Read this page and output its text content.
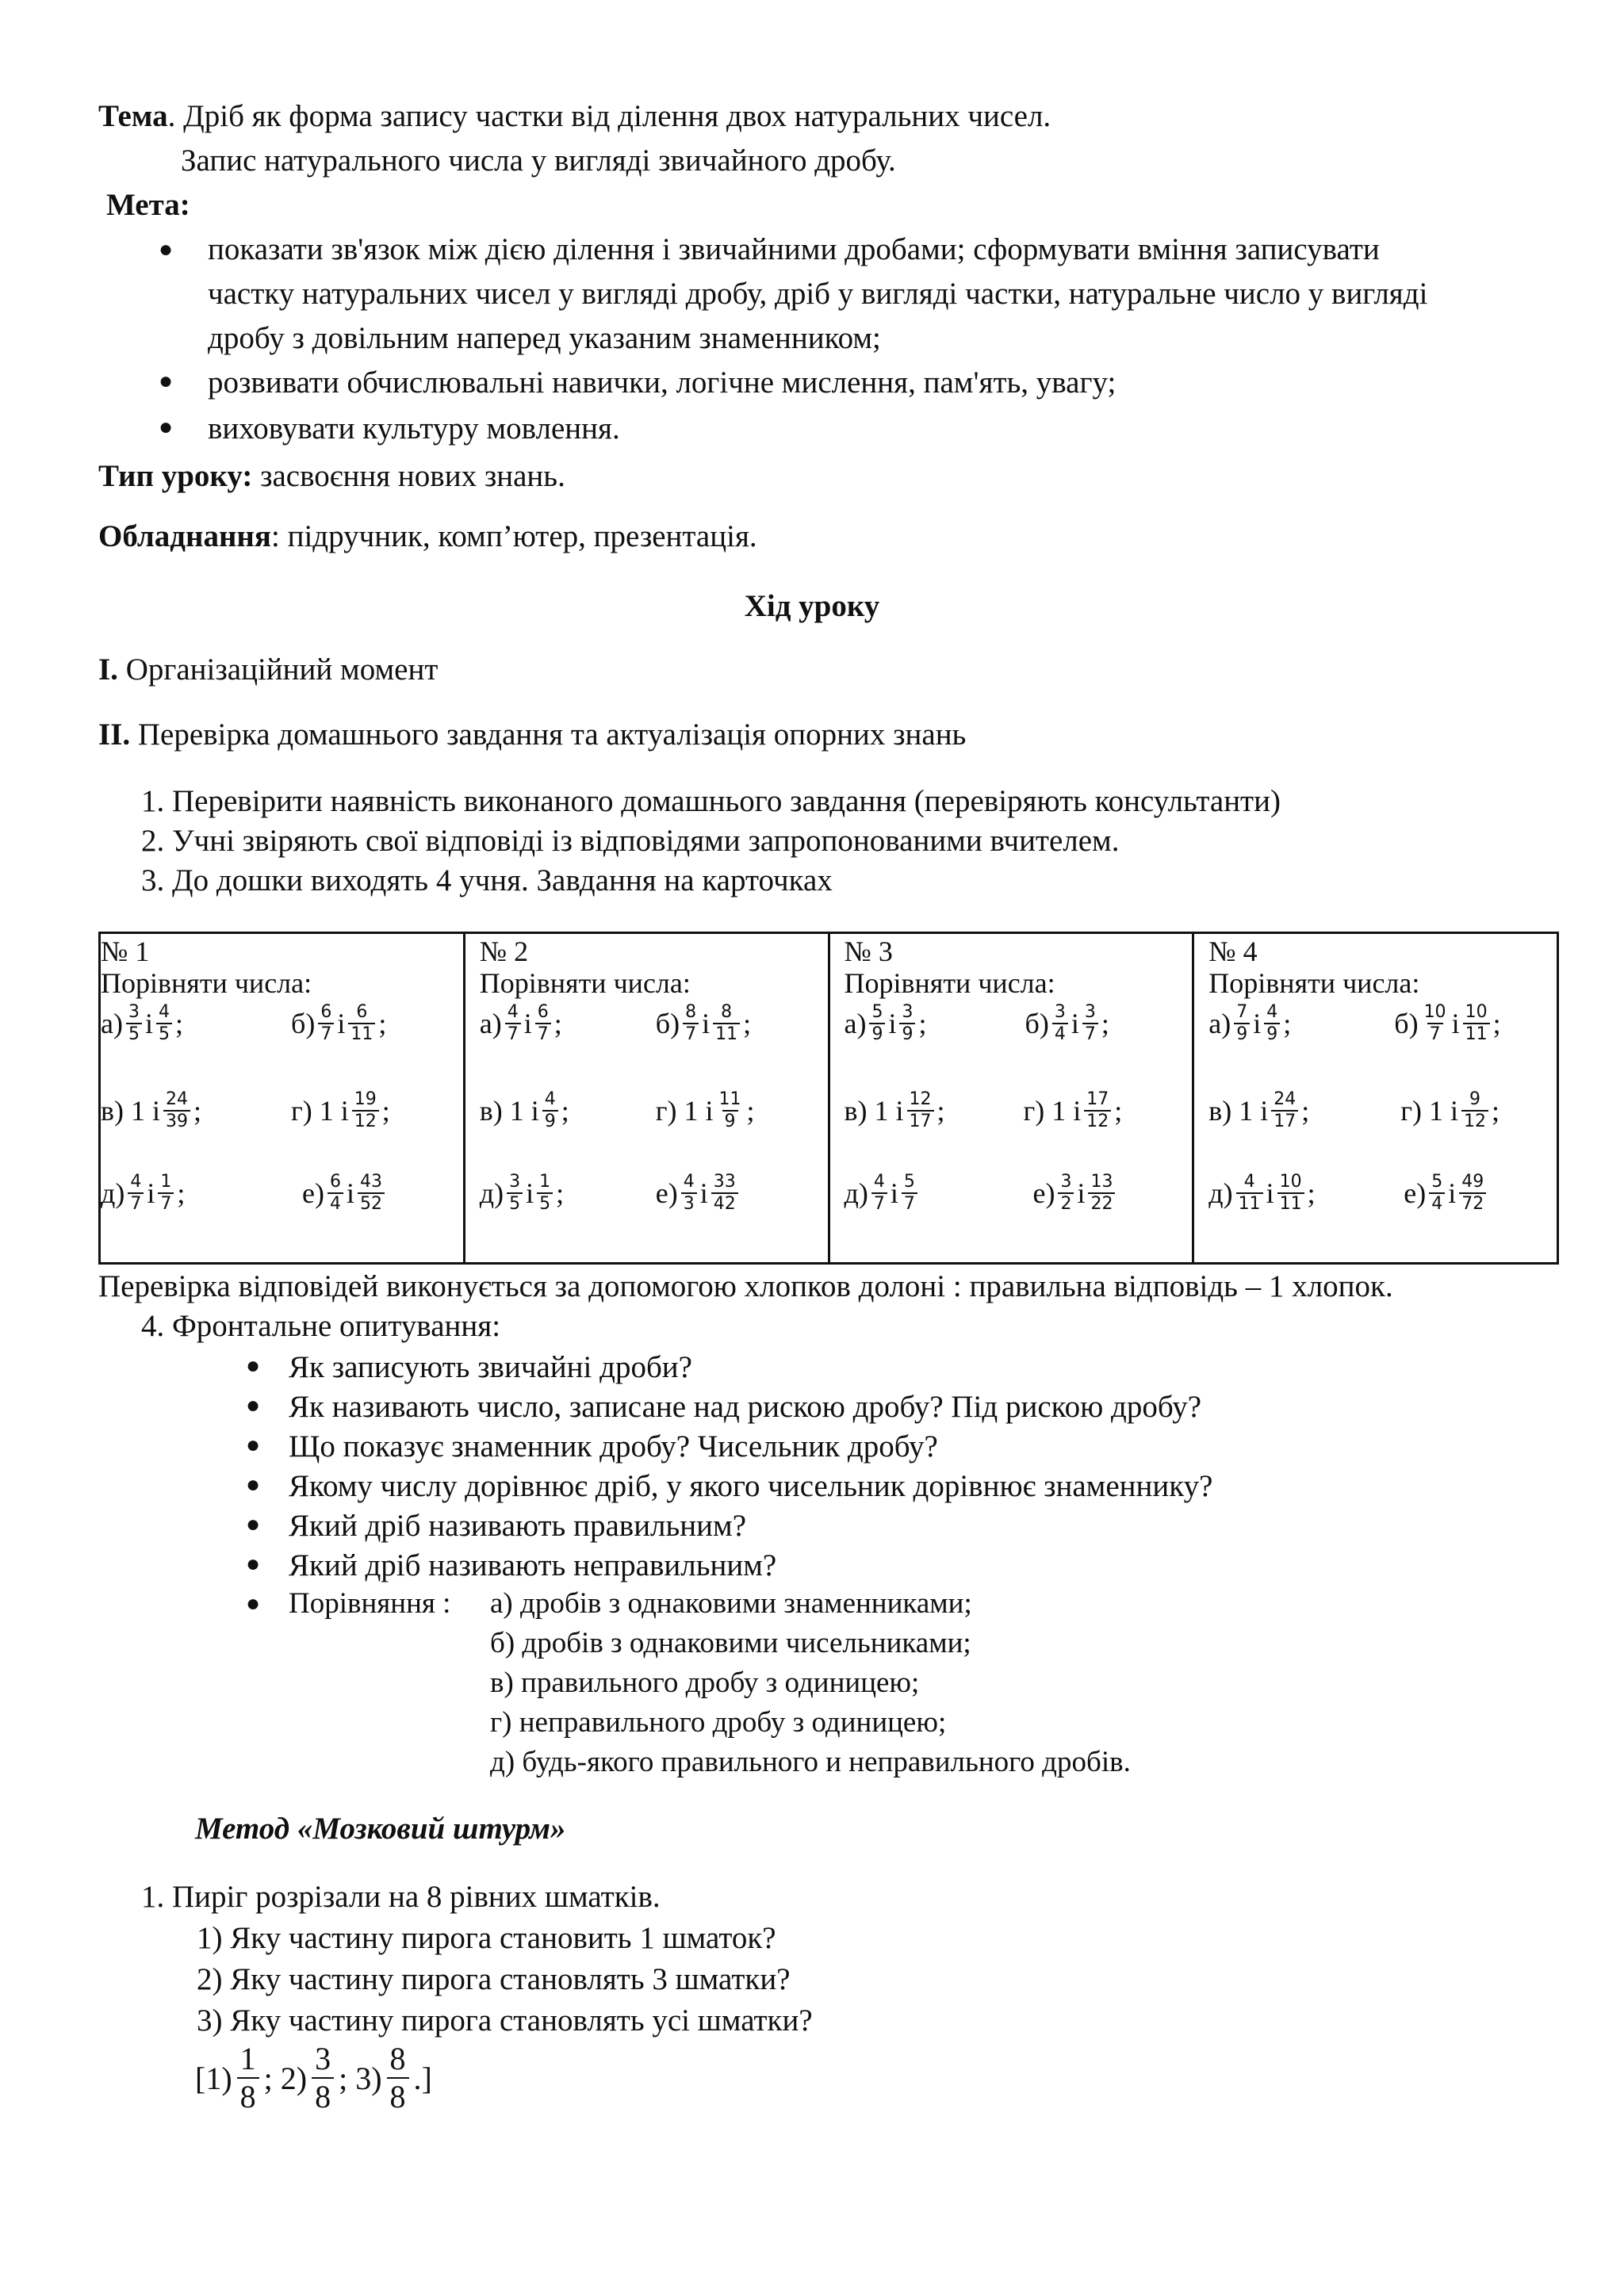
Тема. Дріб як форма запису частки від ділення двох натуральних чисел.
Запис натурального числа у вигляді звичайного дробу.
Мета:
● показати зв'язок між дією ділення і звичайними дробами; сформувати вміння записувати
частку натуральних чисел у вигляді дробу, дріб у вигляді частки, натуральне число у вигляді
дробу з довільним наперед указаним знаменником;
● розвивати обчислювальні навички, логічне мислення, пам'ять, увагу;
● виховувати культуру мовлення.
Тип уроку: засвоєння нових знань.
Обладнання: підручник, комп’ютер, презентація.
Хід уроку
I. Організаційний момент
II. Перевірка домашнього завдання та актуалізація опорних знань
1. Перевірити наявність виконаного домашнього завдання (перевіряють консультанти)
2. Учні звіряють свої відповіді із відповідями запропонованими вчителем.
3. До дошки виходять 4 учня. Завдання на карточках
№ 1
Порівняти числа:
$а) \frac{3}{5}$ і $\frac{4}{5}$ ;	$б) \frac{6}{7}$ і $\frac{6}{11}$ ;
в) 1 і $\frac{24}{39}$ ;	г) 1 і $\frac{19}{12}$ ;
$д) \frac{4}{7}$ і $\frac{1}{7}$ ;	$е) \frac{6}{4}$ і $\frac{43}{52}$
№ 2
Порівняти числа:
$а) \frac{4}{7}$ і $\frac{6}{7}$ ;	$б) \frac{8}{7}$ і $\frac{8}{11}$ ;
в) 1 і $\frac{4}{9}$ ;	г) 1 і $\frac{11}{9}$ ;
$д) \frac{3}{5}$ і $\frac{1}{5}$ ;	$е) \frac{4}{3}$ і $\frac{33}{42}$
№ 3
Порівняти числа:
$а) \frac{5}{9}$ і $\frac{3}{9}$ ;	$б) \frac{3}{4}$ і $\frac{3}{7}$ ;
в) 1 і $\frac{12}{17}$ ;	г) 1 і $\frac{17}{12}$ ;
$д) \frac{4}{7}$ і $\frac{5}{7}$	$е) \frac{3}{2}$ і $\frac{13}{22}$
№ 4
Порівняти числа:
$а) \frac{7}{9}$ і $\frac{4}{9}$ ;	$б) \frac{10}{7}$ і $\frac{10}{11}$ ;
в) 1 і $\frac{24}{17}$ ;	г) 1 і $\frac{9}{12}$ ;
$д) \frac{4}{11}$ і $\frac{10}{11}$ ;	$е) \frac{5}{4}$ і $\frac{49}{72}$
Перевірка відповідей виконується за допомогою хлопков долоні : правильна відповідь – 1 хлопок.
4. Фронтальне опитування:
● Як записують звичайні дроби?
● Як називають число, записане над рискою дробу? Під рискою дробу?
● Що показує знаменник дробу? Чисельник дробу?
● Якому числу дорівнює дріб, у якого чисельник дорівнює знаменнику?
● Який дріб називають правильним?
● Який дріб називають неправильним?
● Порівняння : а) дробів з однаковими знаменниками;
б) дробів з однаковими чисельниками;
в) правильного дробу з одиницею;
г) неправильного дробу з одиницею;
д) будь-якого правильного и неправильного дробів.
Метод «Мозковий штурм»
1. Пиріг розрізали на 8 рівних шматків.
1) Яку частину пирога становить 1 шматок?
2) Яку частину пирога становлять 3 шматки?
3) Яку частину пирога становлять усі шматки?
[1)
1
8
; 2)
3
8
; 3)
8
8
.]
